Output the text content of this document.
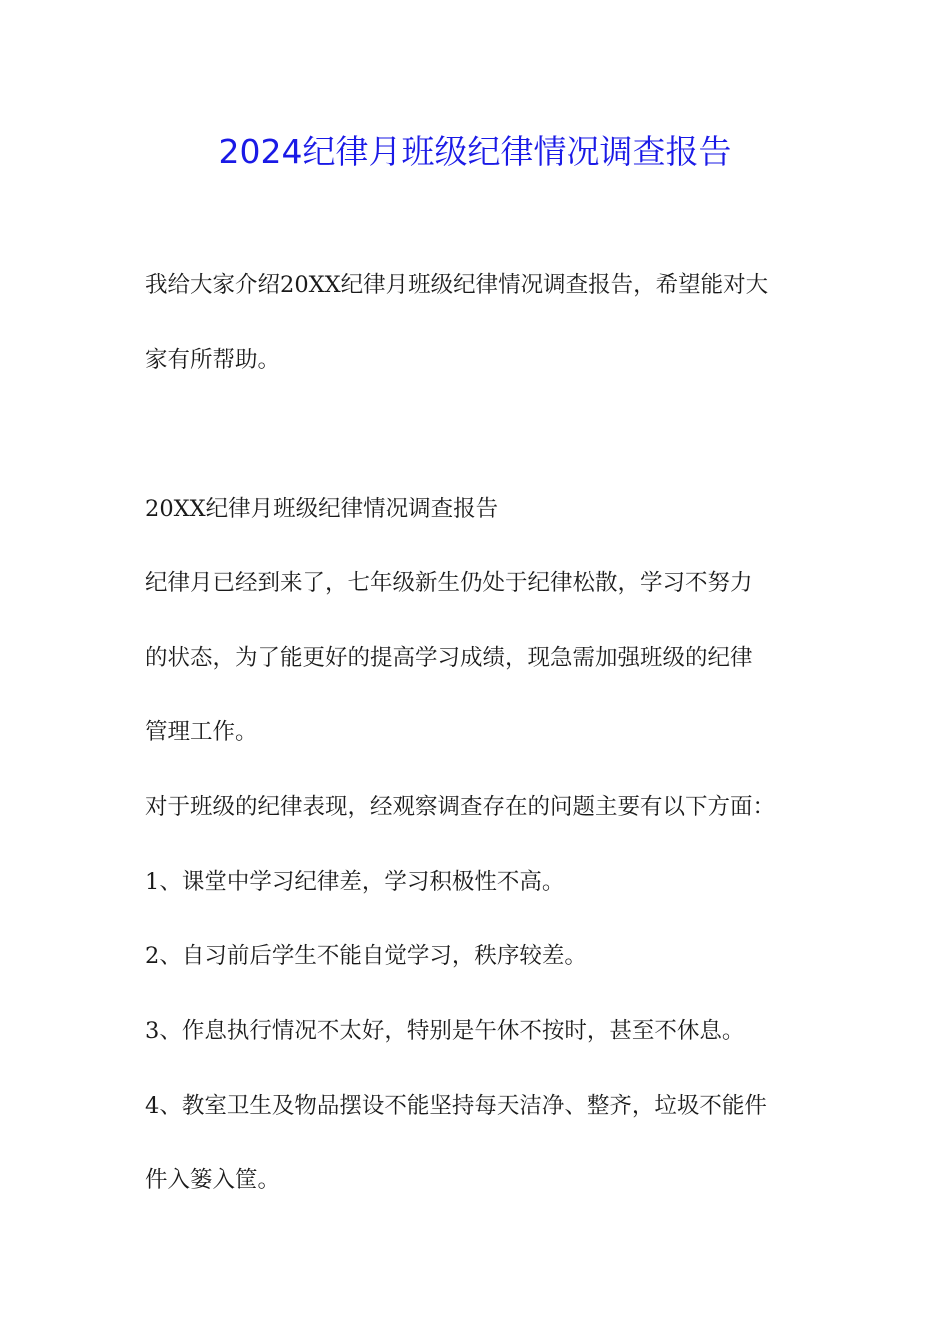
2024纪律月班级纪律情况调查报告
我给大家介绍20XX纪律月班级纪律情况调查报告，希望能对大
家有所帮助。
20XX纪律月班级纪律情况调查报告
纪律月已经到来了，七年级新生仍处于纪律松散，学习不努力
的状态，为了能更好的提高学习成绩，现急需加强班级的纪律
管理工作。
对于班级的纪律表现，经观察调查存在的问题主要有以下方面：
1、课堂中学习纪律差，学习积极性不高。
2、自习前后学生不能自觉学习，秩序较差。
3、作息执行情况不太好，特别是午休不按时，甚至不休息。
4、教室卫生及物品摆设不能坚持每天洁净、整齐，垃圾不能件
件入篓入筐。
